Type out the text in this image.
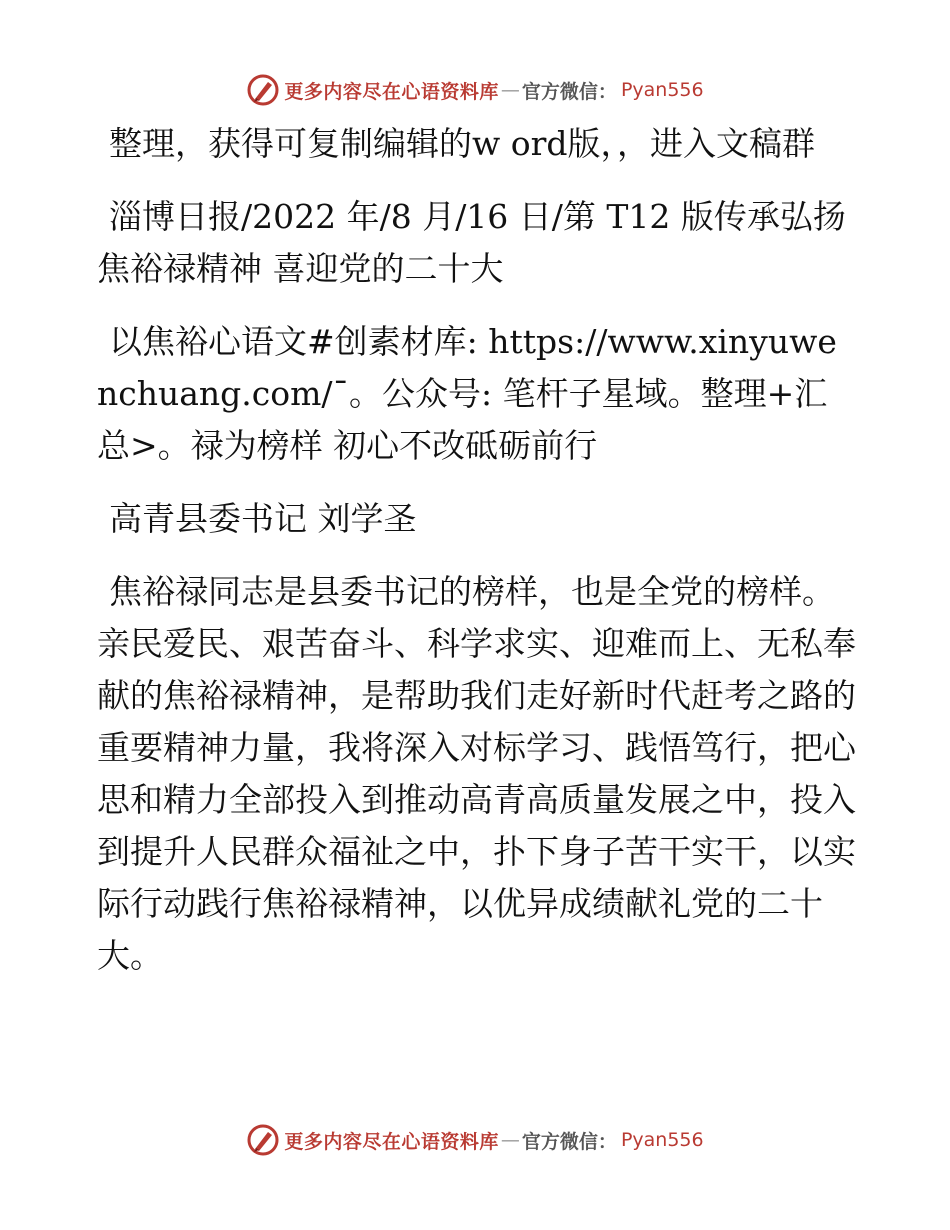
更多内容尽在心语资料库 — 官方微信： Pyan556

整理，获得可复制编辑的w ord版，，进入文稿群

淄博日报/2022 年/8 月/16 日/第 T12 版传承弘扬焦裕禄精神 喜迎党的二十大

以焦裕心语文#创素材库: https://www.xinyuwenchuang.com/¯。公众号: 笔杆子星域。整理+汇总>。禄为榜样 初心不改砥砺前行

高青县委书记 刘学圣

焦裕禄同志是县委书记的榜样，也是全党的榜样。亲民爱民、艰苦奋斗、科学求实、迎难而上、无私奉献的焦裕禄精神，是帮助我们走好新时代赶考之路的重要精神力量，我将深入对标学习、践悟笃行，把心思和精力全部投入到推动高青高质量发展之中，投入到提升人民群众福祉之中，扑下身子苦干实干，以实际行动践行焦裕禄精神，以优异成绩献礼党的二十大。

更多内容尽在心语资料库 — 官方微信： Pyan556
